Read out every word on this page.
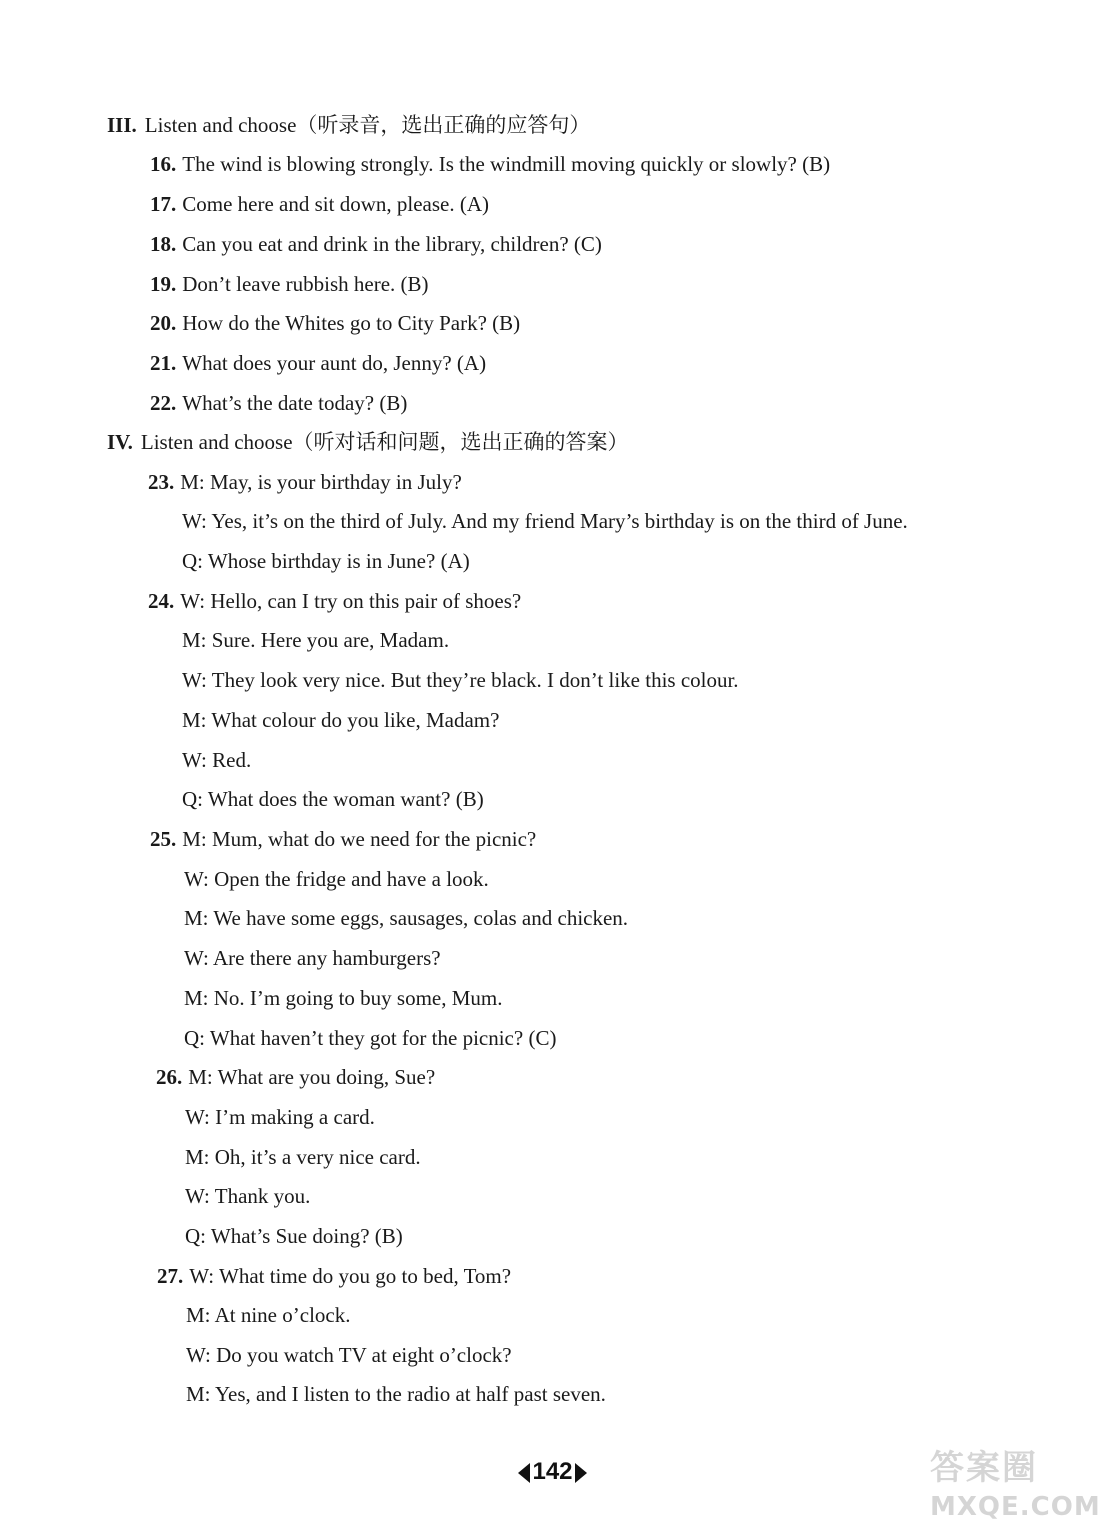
III. Listen and choose（听录音，选出正确的应答句）
16. The wind is blowing strongly. Is the windmill moving quickly or slowly? (B)
17. Come here and sit down, please. (A)
18. Can you eat and drink in the library, children? (C)
19. Don’t leave rubbish here. (B)
20. How do the Whites go to City Park? (B)
21. What does your aunt do, Jenny? (A)
22. What’s the date today? (B)
IV. Listen and choose（听对话和问题，选出正确的答案）
23. M: May, is your birthday in July?
W: Yes, it’s on the third of July. And my friend Mary’s birthday is on the third of June.
Q: Whose birthday is in June? (A)
24. W: Hello, can I try on this pair of shoes?
M: Sure. Here you are, Madam.
W: They look very nice. But they’re black. I don’t like this colour.
M: What colour do you like, Madam?
W: Red.
Q: What does the woman want? (B)
25. M: Mum, what do we need for the picnic?
W: Open the fridge and have a look.
M: We have some eggs, sausages, colas and chicken.
W: Are there any hamburgers?
M: No. I’m going to buy some, Mum.
Q: What haven’t they got for the picnic? (C)
26. M: What are you doing, Sue?
W: I’m making a card.
M: Oh, it’s a very nice card.
W: Thank you.
Q: What’s Sue doing? (B)
27. W: What time do you go to bed, Tom?
M: At nine o’clock.
W: Do you watch TV at eight o’clock?
M: Yes, and I listen to the radio at half past seven.
142	答案圈
MXQE.COM
